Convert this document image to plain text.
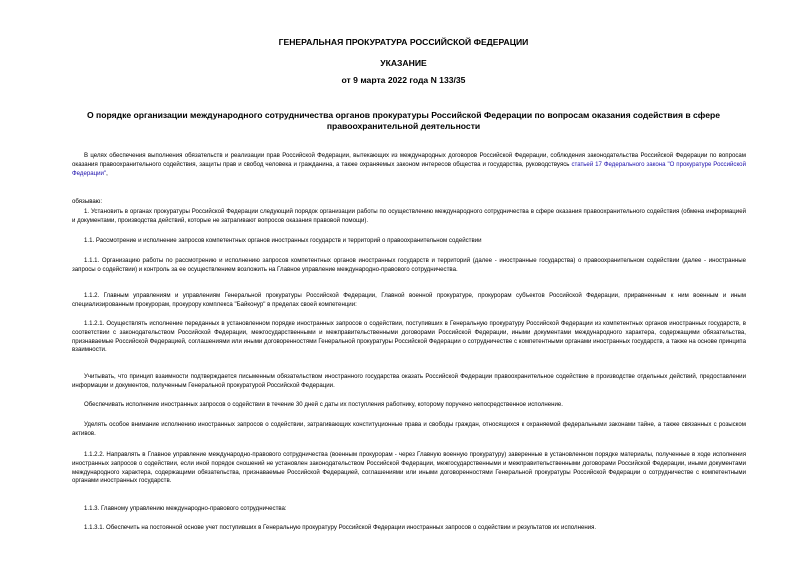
ГЕНЕРАЛЬНАЯ ПРОКУРАТУРА РОССИЙСКОЙ ФЕДЕРАЦИИ

УКАЗАНИЕ

от 9 марта 2022 года N 133/35

О порядке организации международного сотрудничества органов прокуратуры Российской Федерации по вопросам оказания содействия в сфере правоохранительной деятельности

В целях обеспечения выполнения обязательств и реализации прав Российской Федерации, вытекающих из международных договоров Российской Федерации, соблюдения законодательства Российской Федерации по вопросам оказания правоохранительного содействия, защиты прав и свобод человека и гражданина, а также охраняемых законом интересов общества и государства, руководствуясь статьей 17 Федерального закона "О прокуратуре Российской Федерации",

обязываю:

1. Установить в органах прокуратуры Российской Федерации следующий порядок организации работы по осуществлению международного сотрудничества в сфере оказания правоохранительного содействия (обмена информацией и документами, производства действий, которые не затрагивают вопросов оказания правовой помощи).

1.1. Рассмотрение и исполнение запросов компетентных органов иностранных государств и территорий о правоохранительном содействии

1.1.1. Организацию работы по рассмотрению и исполнению запросов компетентных органов иностранных государств и территорий (далее - иностранные государства) о правоохранительном содействии (далее - иностранные запросы о содействии) и контроль за ее осуществлением возложить на Главное управление международно-правового сотрудничества.

1.1.2. Главным управлениям и управлениям Генеральной прокуратуры Российской Федерации, Главной военной прокуратуре, прокурорам субъектов Российской Федерации, приравненным к ним военным и иным специализированным прокурорам, прокурору комплекса "Байконур" в пределах своей компетенции:

1.1.2.1. Осуществлять исполнение переданных в установленном порядке иностранных запросов о содействии, поступивших в Генеральную прокуратуру Российской Федерации из компетентных органов иностранных государств, в соответствии с законодательством Российской Федерации, межгосударственными и межправительственными договорами Российской Федерации, иными документами международного характера, содержащими обязательства, признаваемые Российской Федерацией, соглашениями или иными договоренностями Генеральной прокуратуры Российской Федерации о сотрудничестве с компетентными органами иностранных государств, а также на основе принципа взаимности.

Учитывать, что принцип взаимности подтверждается письменным обязательством иностранного государства оказать Российской Федерации правоохранительное содействие в производстве отдельных действий, предоставлении информации и документов, полученным Генеральной прокуратурой Российской Федерации.

Обеспечивать исполнение иностранных запросов о содействии в течение 30 дней с даты их поступления работнику, которому поручено непосредственное исполнение.

Уделять особое внимание исполнению иностранных запросов о содействии, затрагивающих конституционные права и свободы граждан, относящихся к охраняемой федеральными законами тайне, а также связанных с розыском активов.

1.1.2.2. Направлять в Главное управление международно-правового сотрудничества (военным прокурорам - через Главную военную прокуратуру) заверенные в установленном порядке материалы, полученные в ходе исполнения иностранных запросов о содействии, если иной порядок сношений не установлен законодательством Российской Федерации, межгосударственными и межправительственными договорами Российской Федерации, иными документами международного характера, содержащими обязательства, признаваемые Российской Федерацией, соглашениями или иными договоренностями Генеральной прокуратуры Российской Федерации о сотрудничестве с компетентными органами иностранных государств.

1.1.3. Главному управлению международно-правового сотрудничества:

1.1.3.1. Обеспечить на постоянной основе учет поступивших в Генеральную прокуратуру Российской Федерации иностранных запросов о содействии и результатов их исполнения.
